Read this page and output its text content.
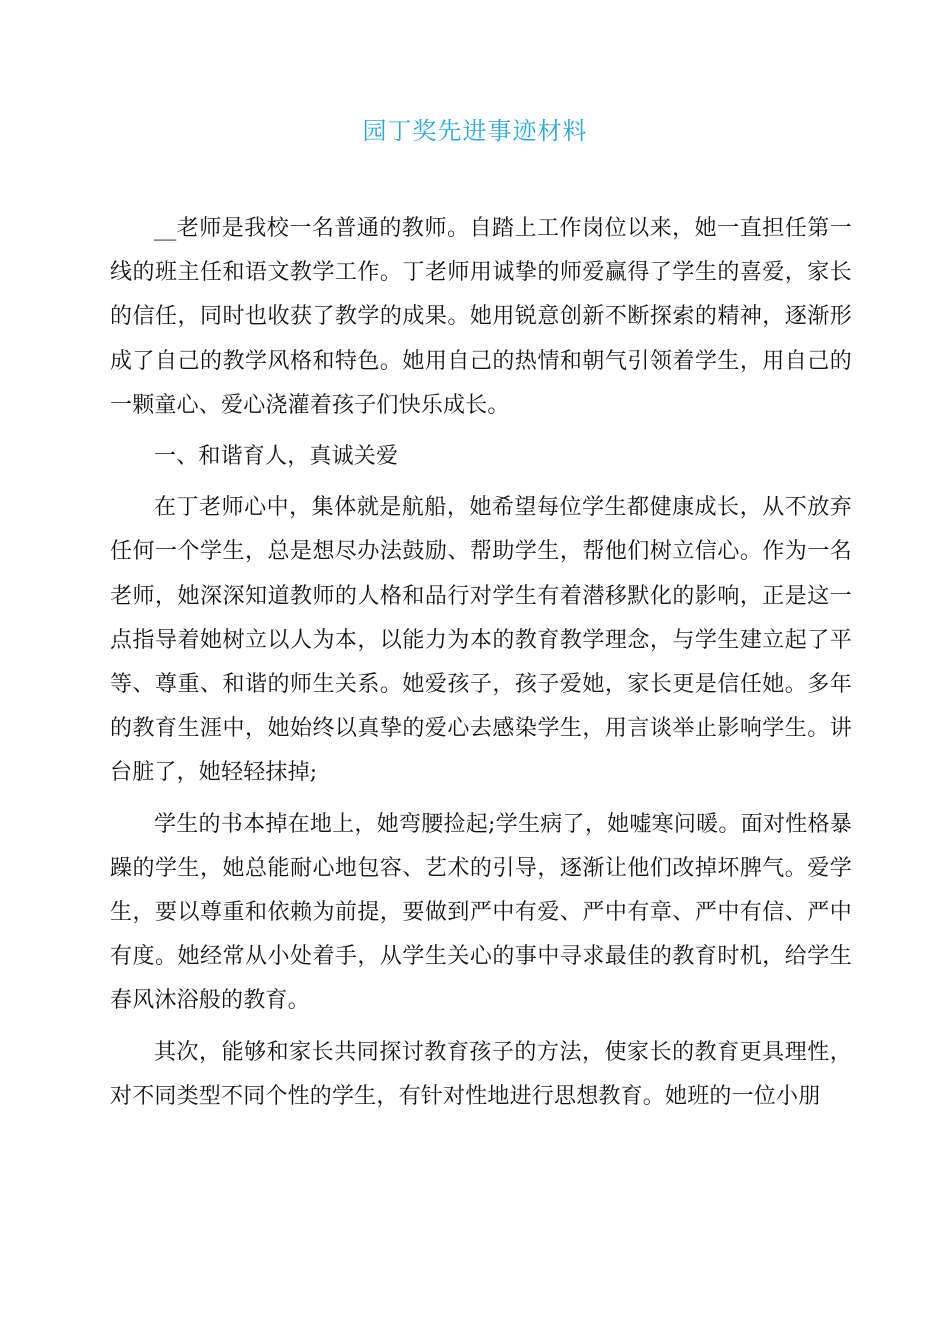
园丁奖先进事迹材料

__老师是我校一名普通的教师。自踏上工作岗位以来，她一直担任第一线的班主任和语文教学工作。丁老师用诚挚的师爱赢得了学生的喜爱，家长的信任，同时也收获了教学的成果。她用锐意创新不断探索的精神，逐渐形成了自己的教学风格和特色。她用自己的热情和朝气引领着学生，用自己的一颗童心、爱心浇灌着孩子们快乐成长。

一、和谐育人，真诚关爱

在丁老师心中，集体就是航船，她希望每位学生都健康成长，从不放弃任何一个学生，总是想尽办法鼓励、帮助学生，帮他们树立信心。作为一名老师，她深深知道教师的人格和品行对学生有着潜移默化的影响，正是这一点指导着她树立以人为本，以能力为本的教育教学理念，与学生建立起了平等、尊重、和谐的师生关系。她爱孩子，孩子爱她，家长更是信任她。多年的教育生涯中，她始终以真挚的爱心去感染学生，用言谈举止影响学生。讲台脏了，她轻轻抹掉;

学生的书本掉在地上，她弯腰捡起;学生病了，她嘘寒问暖。面对性格暴躁的学生，她总能耐心地包容、艺术的引导，逐渐让他们改掉坏脾气。爱学生，要以尊重和依赖为前提，要做到严中有爱、严中有章、严中有信、严中有度。她经常从小处着手，从学生关心的事中寻求最佳的教育时机，给学生春风沐浴般的教育。

其次，能够和家长共同探讨教育孩子的方法，使家长的教育更具理性，对不同类型不同个性的学生，有针对性地进行思想教育。她班的一位小朋
